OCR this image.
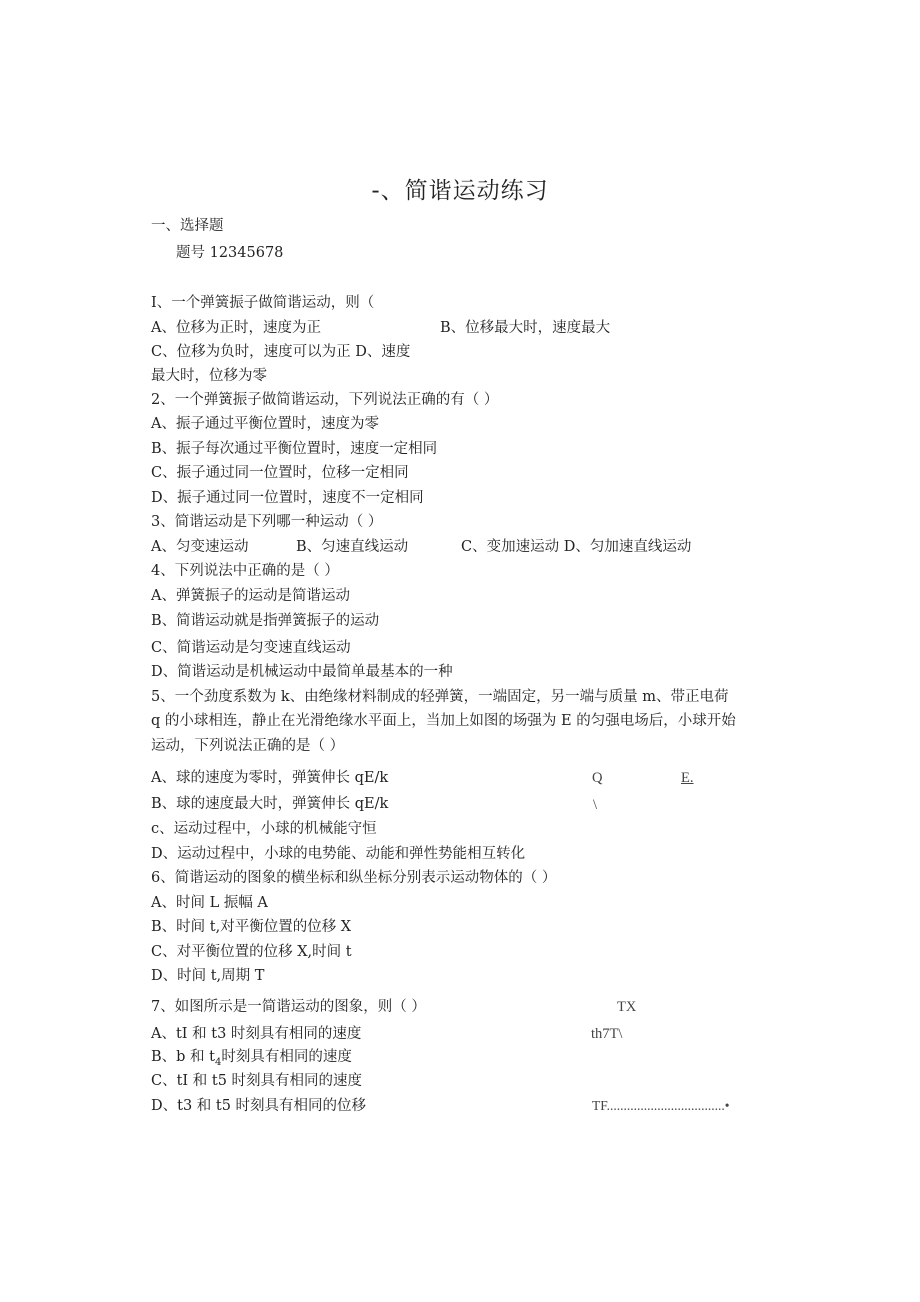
-、简谐运动练习
一、选择题
题号 12345678
I、一个弹簧振子做简谐运动，则（
A、位移为正时，速度为正	B、位移最大时，速度最大
C、位移为负时，速度可以为正 D、速度
最大时，位移为零
2、一个弹簧振子做简谐运动，下列说法正确的有（ ）
A、振子通过平衡位置时，速度为零
B、振子每次通过平衡位置时，速度一定相同
C、振子通过同一位置时，位移一定相同
D、振子通过同一位置时，速度不一定相同
3、简谐运动是下列哪一种运动（ ）
A、匀变速运动	B、匀速直线运动	C、变加速运动 D、匀加速直线运动
4、下列说法中正确的是（ ）
A、弹簧振子的运动是简谐运动
B、简谐运动就是指弹簧振子的运动
C、简谐运动是匀变速直线运动
D、简谐运动是机械运动中最简单最基本的一种
5、一个劲度系数为 k、由绝缘材料制成的轻弹簧，一端固定，另一端与质量 m、带正电荷
q 的小球相连，静止在光滑绝缘水平面上，当加上如图的场强为 E 的匀强电场后，小球开始
运动，下列说法正确的是（ ）
A、球的速度为零时，弹簧伸长 qE/k	Q	E.
B、球的速度最大时，弹簧伸长 qE/k	\
c、运动过程中，小球的机械能守恒
D、运动过程中，小球的电势能、动能和弹性势能相互转化
6、简谐运动的图象的横坐标和纵坐标分别表示运动物体的（ ）
A、时间 L 振幅 A
B、时间 t,对平衡位置的位移 X
C、对平衡位置的位移 X,时间 t
D、时间 t,周期 T
7、如图所示是一简谐运动的图象，则（ ）	TX
A、tI 和 t3 时刻具有相同的速度	th7T\
B、b 和 $t_4$时刻具有相同的速度
C、tI 和 t5 时刻具有相同的速度
D、t3 和 t5 时刻具有相同的位移	TF...................................•
